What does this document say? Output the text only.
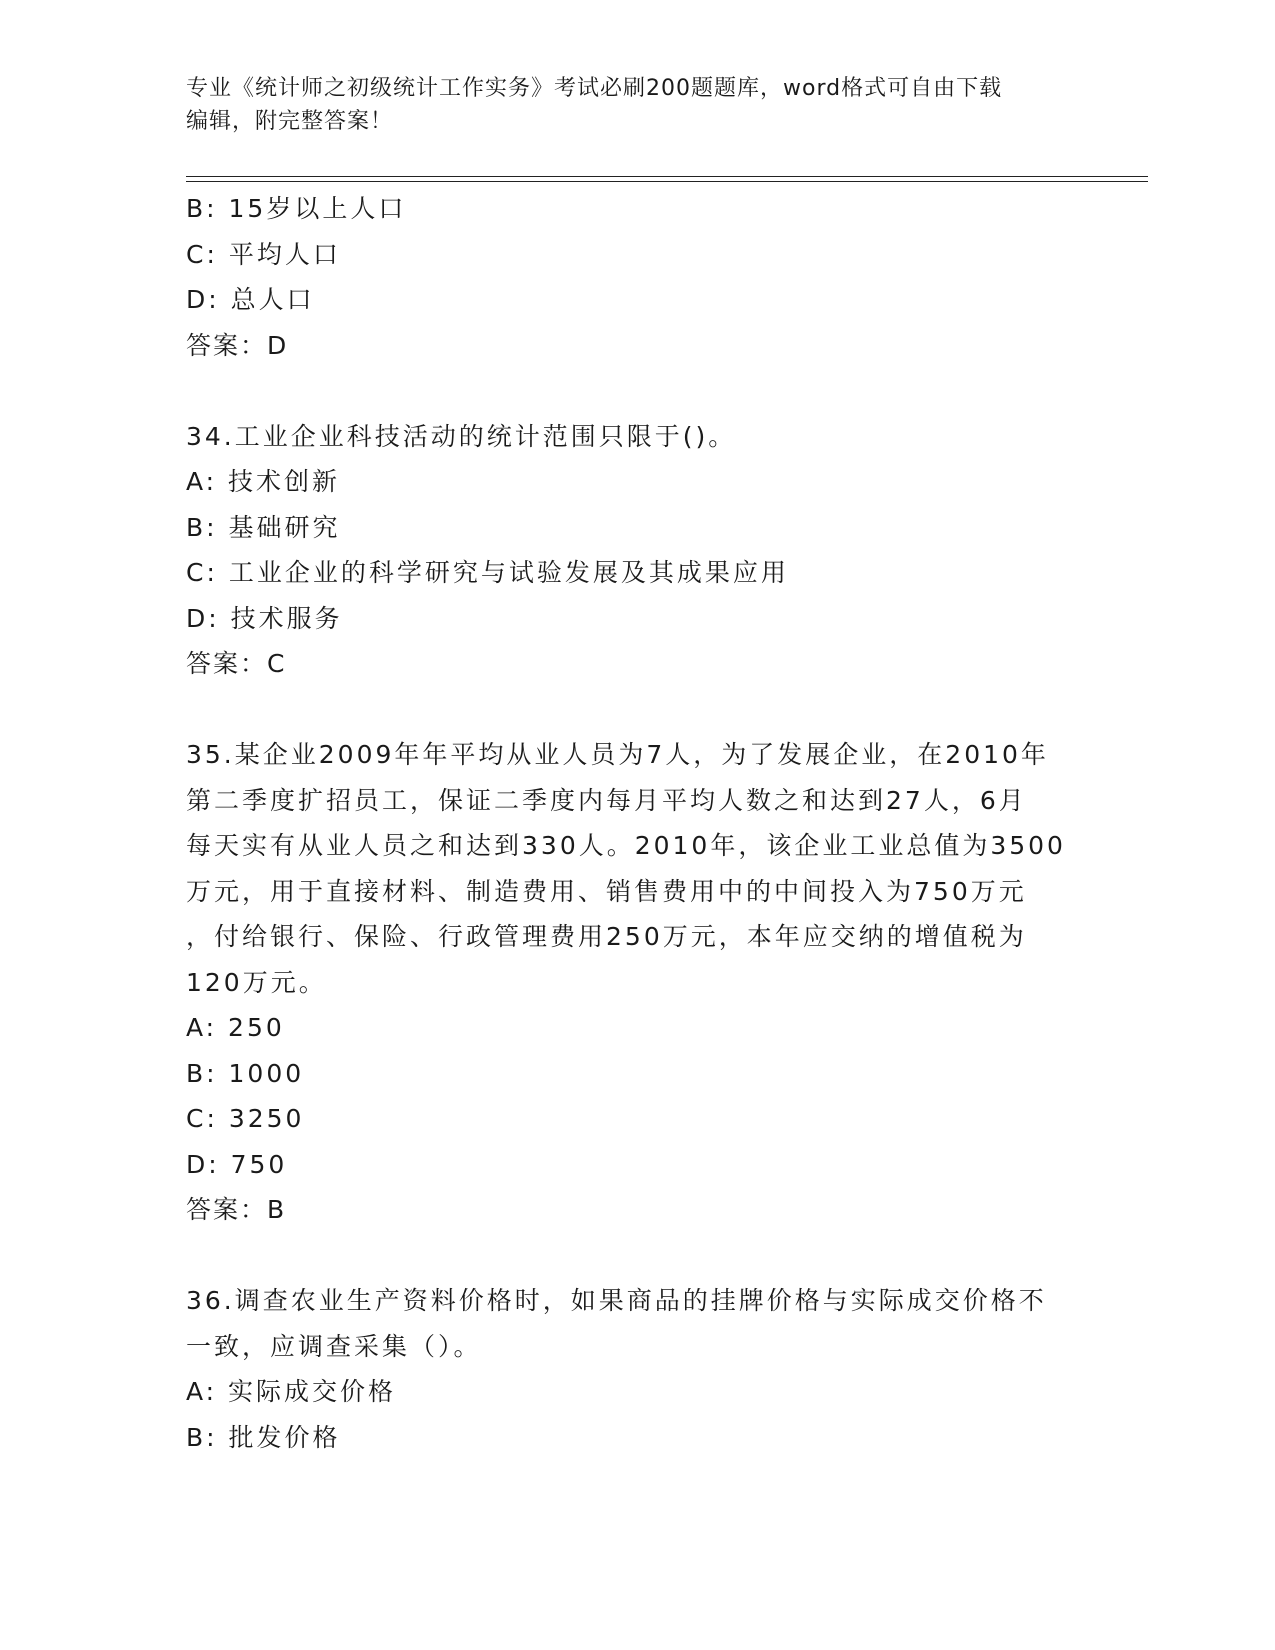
专业《统计师之初级统计工作实务》考试必刷200题题库，word格式可自由下载
编辑，附完整答案！
B: 15岁以上人口
C: 平均人口
D: 总人口
答案：D
34.工业企业科技活动的统计范围只限于()。
A: 技术创新
B: 基础研究
C: 工业企业的科学研究与试验发展及其成果应用
D: 技术服务
答案：C
35.某企业2009年年平均从业人员为7人，为了发展企业，在2010年
第二季度扩招员工，保证二季度内每月平均人数之和达到27人，6月
每天实有从业人员之和达到330人。2010年，该企业工业总值为3500
万元，用于直接材料、制造费用、销售费用中的中间投入为750万元
，付给银行、保险、行政管理费用250万元，本年应交纳的增值税为
120万元。
A: 250
B: 1000
C: 3250
D: 750
答案：B
36.调查农业生产资料价格时，如果商品的挂牌价格与实际成交价格不
一致，应调查采集（）。
A: 实际成交价格
B: 批发价格
